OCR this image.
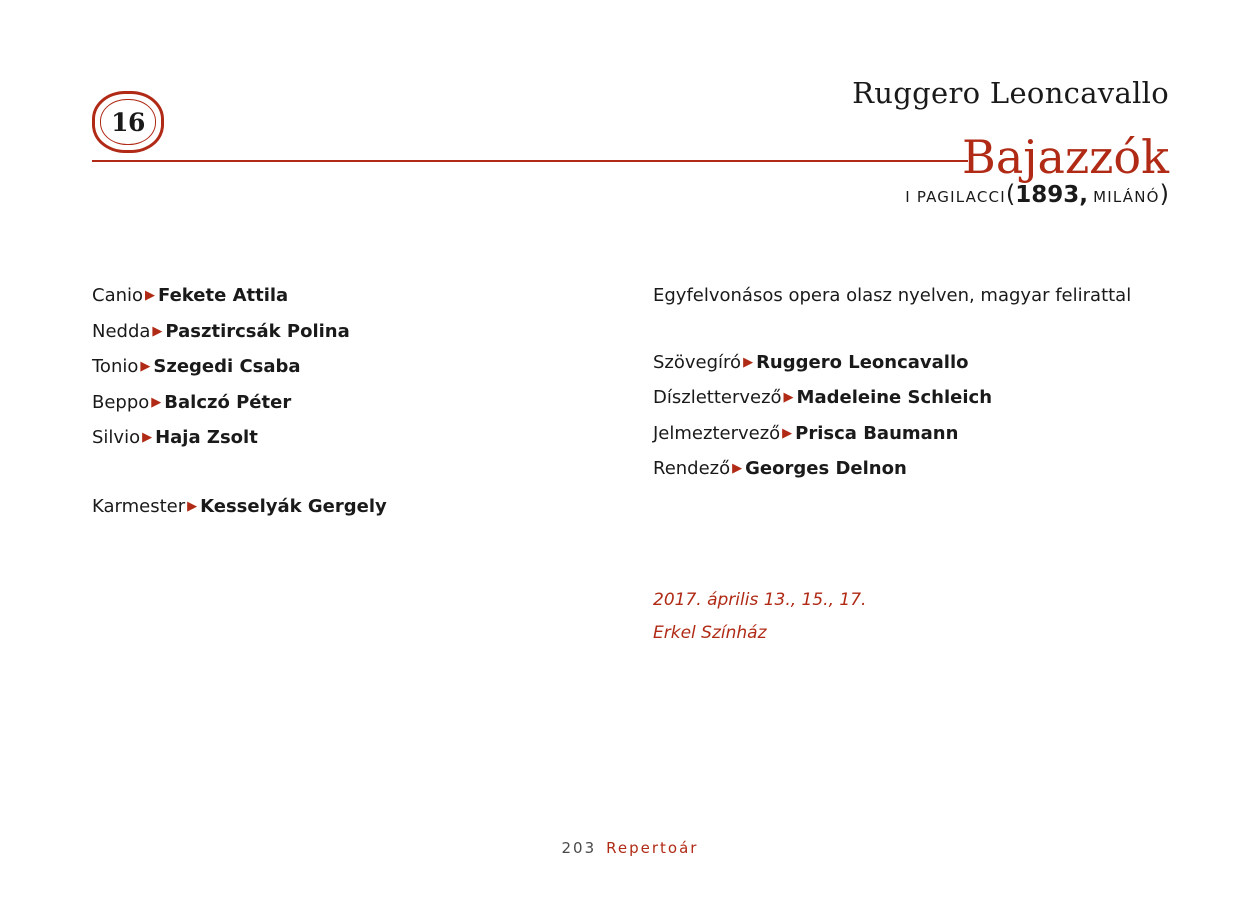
16
Ruggero Leoncavallo
Bajazzók
I PAGILACCI(1893, MILÁNÓ)
Canio ▶ Fekete Attila
Nedda ▶ Pasztircsák Polina
Tonio ▶ Szegedi Csaba
Beppo ▶ Balczó Péter
Silvio ▶ Haja Zsolt
Karmester ▶ Kesselyák Gergely
Egyfelvonásos opera olasz nyelven, magyar felirattal
Szövegíró ▶ Ruggero Leoncavallo
Díszlettervező ▶ Madeleine Schleich
Jelmeztervező ▶ Prisca Baumann
Rendező ▶ Georges Delnon
2017. április 13., 15., 17.
Erkel Színház
203 Repertoár
